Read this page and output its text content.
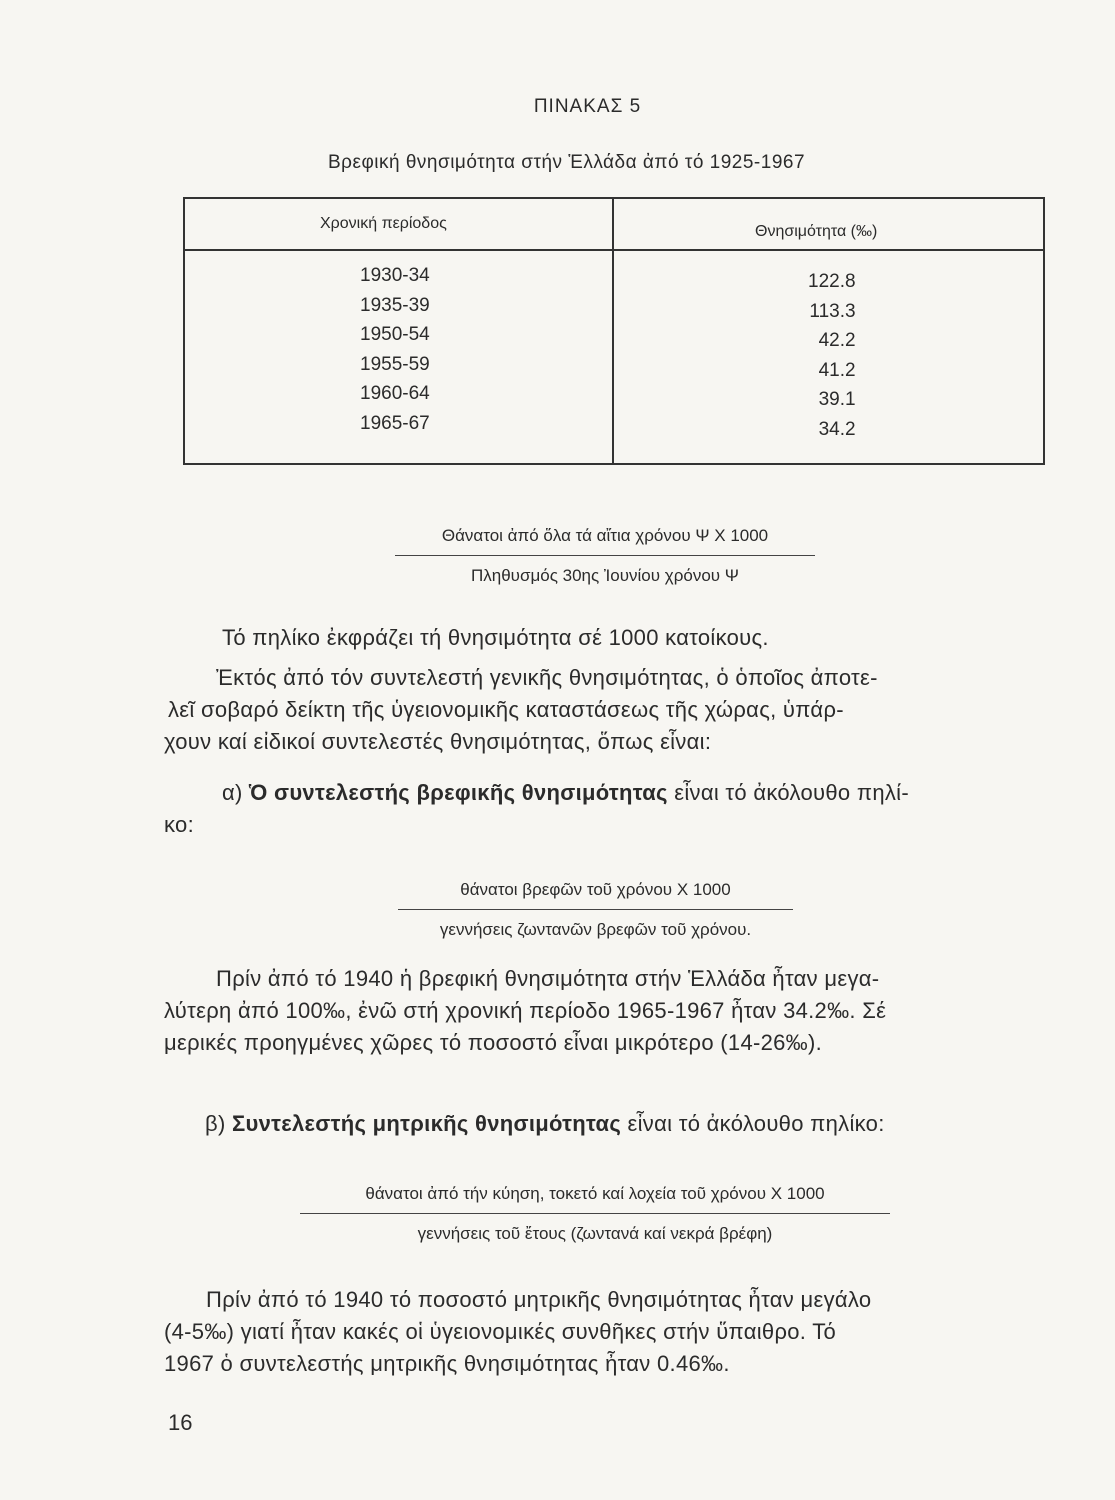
ΠΙΝΑΚΑΣ 5
Βρεφική θνησιμότητα στήν Ἑλλάδα ἀπό τό 1925-1967
Χρονική περίοδος	Θνησιμότητα (‰)
1930-34
1935-39
1950-54
1955-59
1960-64
1965-67
122.8
113.3
42.2
41.2
39.1
34.2
Θάνατοι ἀπό ὅλα τά αἴτια χρόνου Ψ Χ 1000
Πληθυσμός 30ης Ἰουνίου χρόνου Ψ
Τό πηλίκο ἐκφράζει τή θνησιμότητα σέ 1000 κατοίκους.
Ἐκτός ἀπό τόν συντελεστή γενικῆς θνησιμότητας, ὁ ὁποῖος ἀποτε-
λεῖ σοβαρό δείκτη τῆς ὑγειονομικῆς καταστάσεως τῆς χώρας, ὑπάρ-
χουν καί εἰδικοί συντελεστές θνησιμότητας, ὅπως εἶναι:
α) Ὁ συντελεστής βρεφικῆς θνησιμότητας εἶναι τό ἀκόλουθο πηλί-
κο:
θάνατοι βρεφῶν τοῦ χρόνου Χ 1000
γεννήσεις ζωντανῶν βρεφῶν τοῦ χρόνου.
Πρίν ἀπό τό 1940 ἡ βρεφική θνησιμότητα στήν Ἑλλάδα ἦταν μεγα-
λύτερη ἀπό 100‰, ἐνῶ στή χρονική περίοδο 1965-1967 ἦταν 34.2‰. Σέ
μερικές προηγμένες χῶρες τό ποσοστό εἶναι μικρότερο (14-26‰).
β) Συντελεστής μητρικῆς θνησιμότητας εἶναι τό ἀκόλουθο πηλίκο:
θάνατοι ἀπό τήν κύηση, τοκετό καί λοχεία τοῦ χρόνου Χ 1000
γεννήσεις τοῦ ἔτους (ζωντανά καί νεκρά βρέφη)
Πρίν ἀπό τό 1940 τό ποσοστό μητρικῆς θνησιμότητας ἦταν μεγάλο
(4-5‰) γιατί ἦταν κακές οἱ ὑγειονομικές συνθῆκες στήν ὕπαιθρο. Τό
1967 ὁ συντελεστής μητρικῆς θνησιμότητας ἦταν 0.46‰.
16
